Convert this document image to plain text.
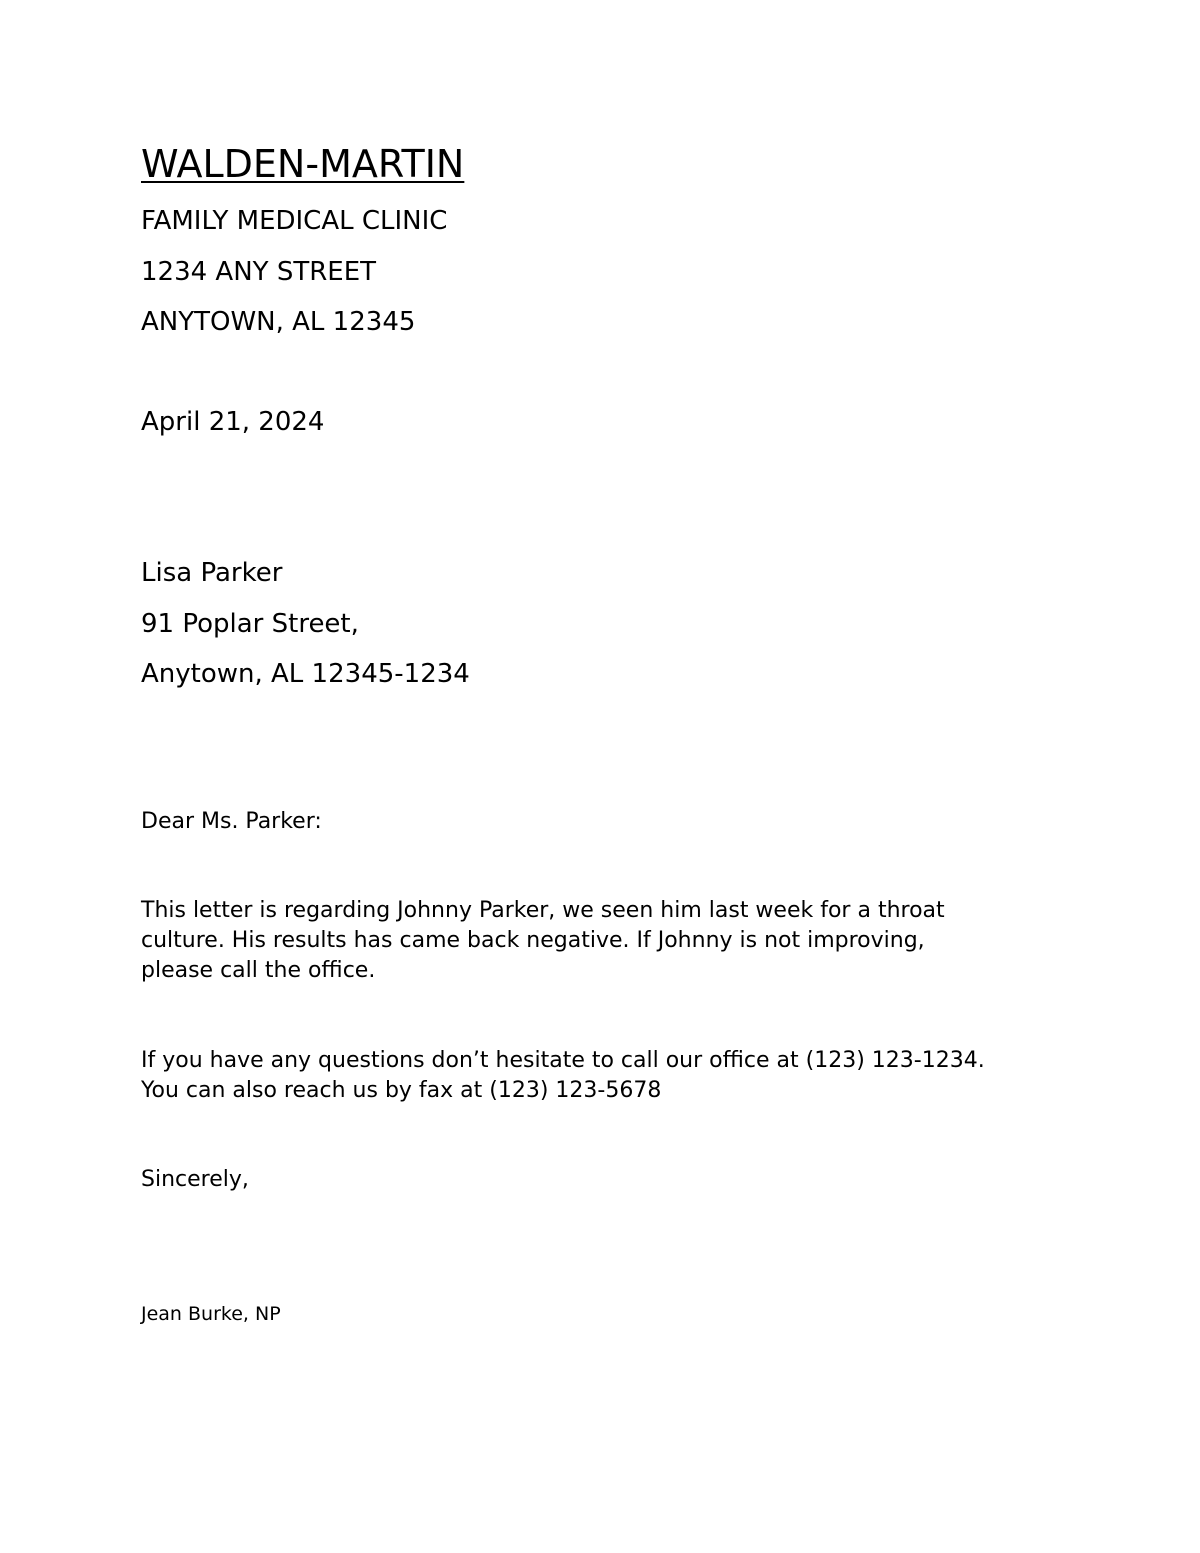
WALDEN-MARTIN
FAMILY MEDICAL CLINIC
1234 ANY STREET
ANYTOWN, AL 12345
April 21, 2024
Lisa Parker
91 Poplar Street,
Anytown, AL 12345-1234
Dear Ms. Parker:
This letter is regarding Johnny Parker, we seen him last week for a throat
culture. His results has came back negative. If Johnny is not improving,
please call the office.
If you have any questions don’t hesitate to call our office at (123) 123-1234.
You can also reach us by fax at (123) 123-5678
Sincerely,
Jean Burke, NP
